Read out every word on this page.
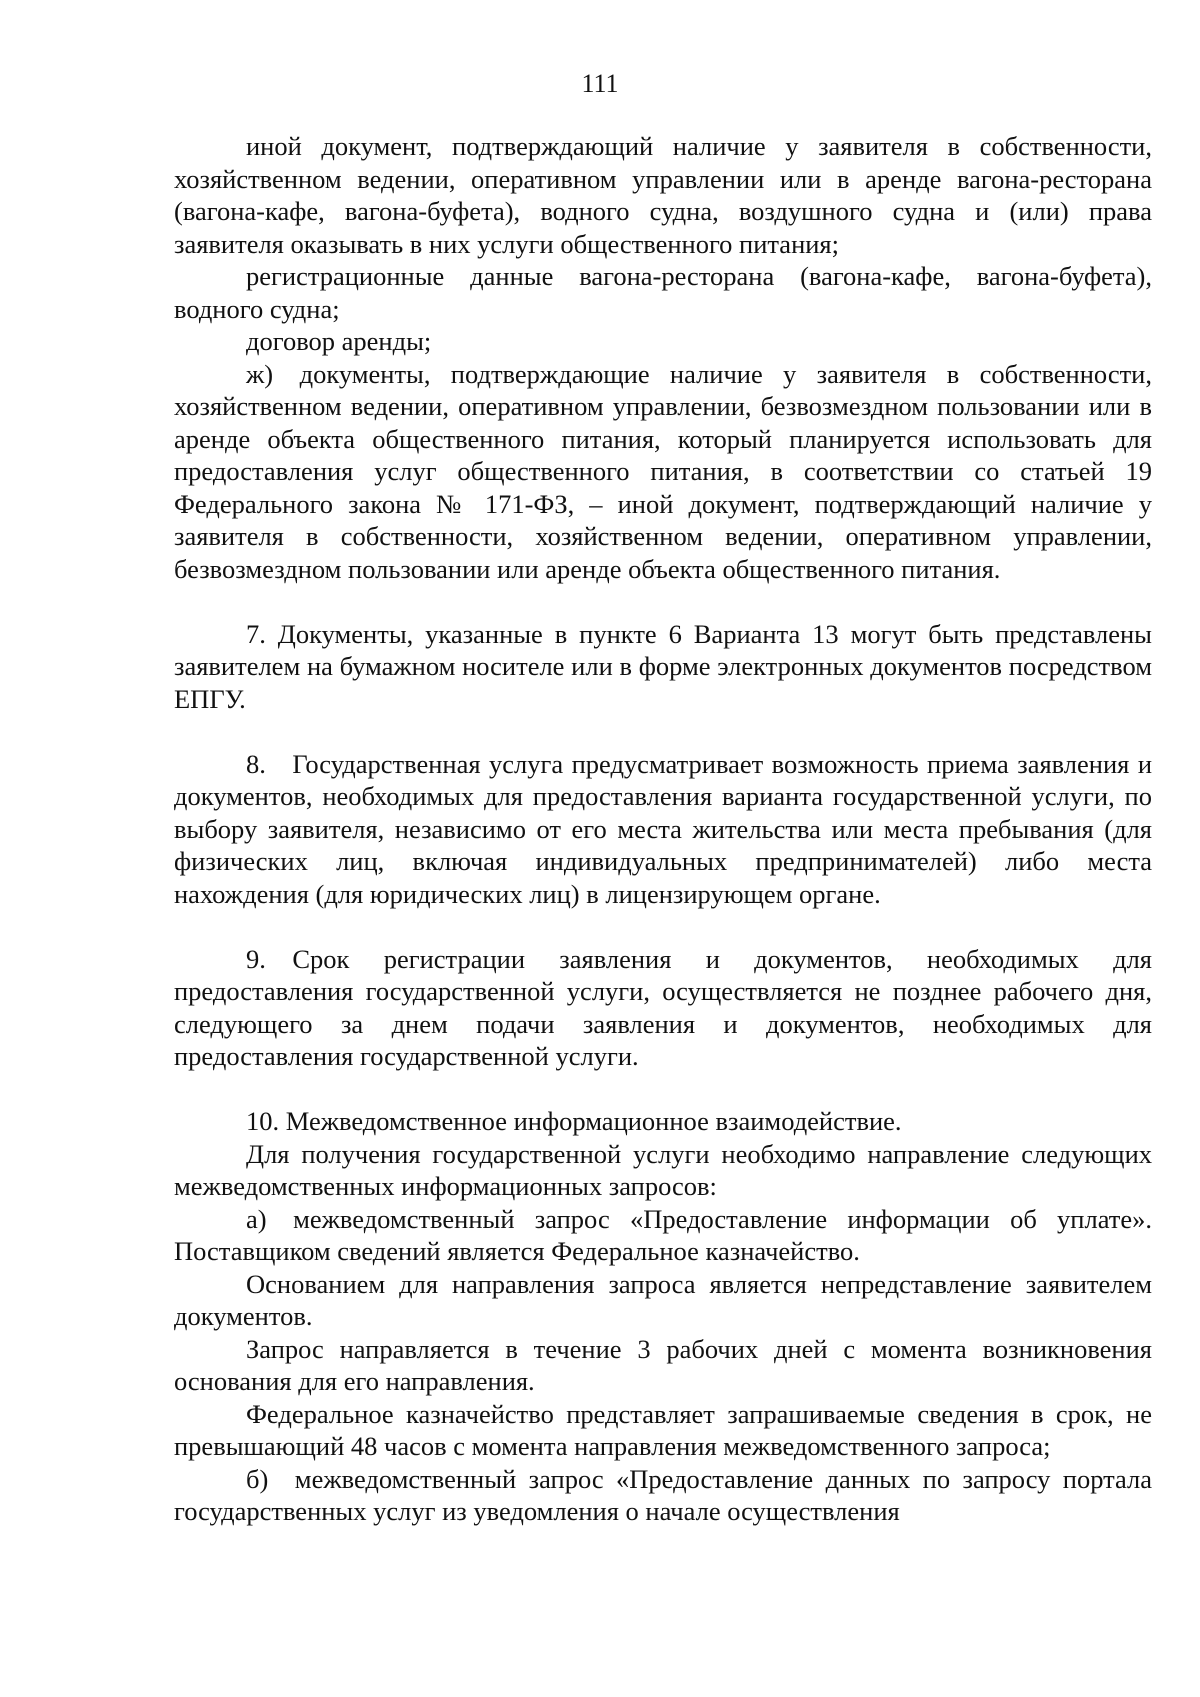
111

иной документ, подтверждающий наличие у заявителя в собственности, хозяйственном ведении, оперативном управлении или в аренде вагона-ресторана (вагона-кафе, вагона-буфета), водного судна, воздушного судна и (или) права заявителя оказывать в них услуги общественного питания;

регистрационные данные вагона-ресторана (вагона-кафе, вагона-буфета), водного судна;

договор аренды;

ж) документы, подтверждающие наличие у заявителя в собственности, хозяйственном ведении, оперативном управлении, безвозмездном пользовании или в аренде объекта общественного питания, который планируется использовать для предоставления услуг общественного питания, в соответствии со статьей 19 Федерального закона № 171-ФЗ, – иной документ, подтверждающий наличие у заявителя в собственности, хозяйственном ведении, оперативном управлении, безвозмездном пользовании или аренде объекта общественного питания.

7. Документы, указанные в пункте 6 Варианта 13 могут быть представлены заявителем на бумажном носителе или в форме электронных документов посредством ЕПГУ.

8. Государственная услуга предусматривает возможность приема заявления и документов, необходимых для предоставления варианта государственной услуги, по выбору заявителя, независимо от его места жительства или места пребывания (для физических лиц, включая индивидуальных предпринимателей) либо места нахождения (для юридических лиц) в лицензирующем органе.

9. Срок регистрации заявления и документов, необходимых для предоставления государственной услуги, осуществляется не позднее рабочего дня, следующего за днем подачи заявления и документов, необходимых для предоставления государственной услуги.

10. Межведомственное информационное взаимодействие.

Для получения государственной услуги необходимо направление следующих межведомственных информационных запросов:

а) межведомственный запрос «Предоставление информации об уплате». Поставщиком сведений является Федеральное казначейство.

Основанием для направления запроса является непредставление заявителем документов.

Запрос направляется в течение 3 рабочих дней с момента возникновения основания для его направления.

Федеральное казначейство представляет запрашиваемые сведения в срок, не превышающий 48 часов с момента направления межведомственного запроса;

б) межведомственный запрос «Предоставление данных по запросу портала государственных услуг из уведомления о начале осуществления
